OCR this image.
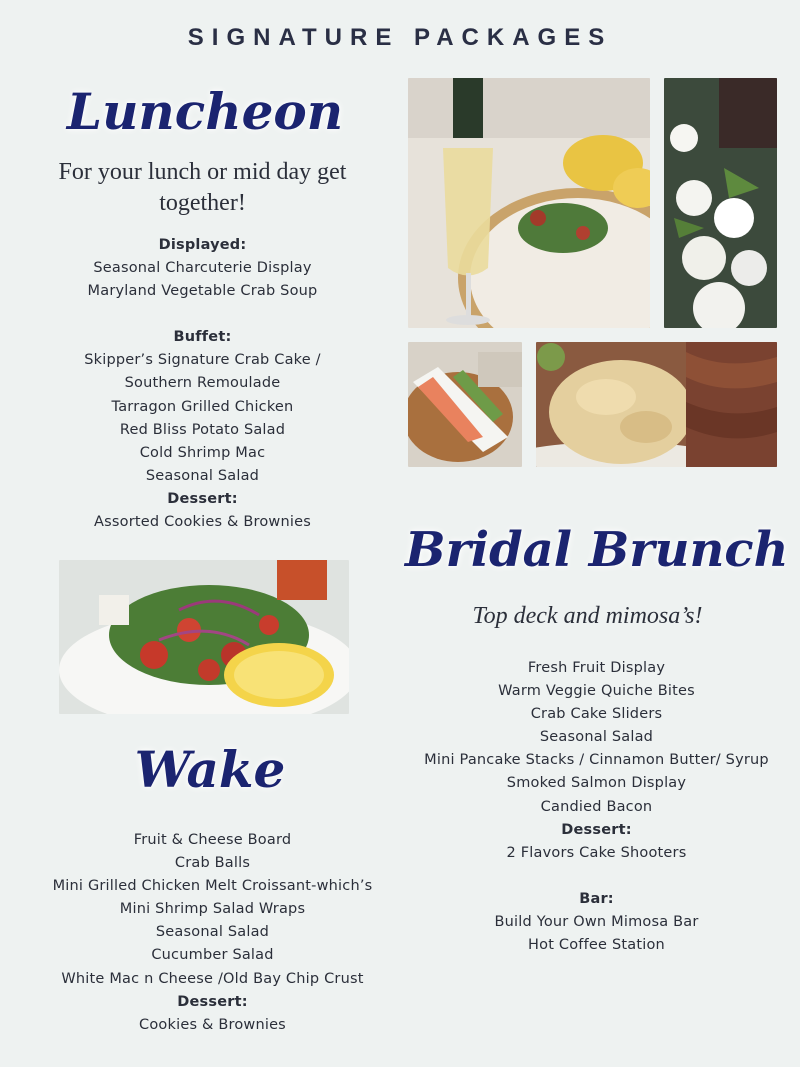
SIGNATURE PACKAGES
Luncheon
For your lunch or mid day get together!
Displayed:
Seasonal Charcuterie Display
Maryland Vegetable Crab Soup
Buffet:
Skipper’s Signature Crab Cake /
Southern Remoulade
Tarragon Grilled Chicken
Red Bliss Potato Salad
Cold Shrimp Mac
Seasonal Salad
Dessert:
Assorted Cookies & Brownies	Bridal Brunch
Top deck and mimosa’s!
Fresh Fruit Display
Warm Veggie Quiche Bites
Crab Cake Sliders
Seasonal Salad
Mini Pancake Stacks / Cinnamon Butter/ Syrup
Smoked Salmon Display
Candied Bacon
Dessert:
2 Flavors Cake Shooters
Bar:
Build Your Own Mimosa Bar
Hot Coffee Station
Wake
Fruit & Cheese Board
Crab Balls
Mini Grilled Chicken Melt Croissant-which’s
Mini Shrimp Salad Wraps
Seasonal Salad
Cucumber Salad
White Mac n Cheese /Old Bay Chip Crust
Dessert:
Cookies & Brownies
